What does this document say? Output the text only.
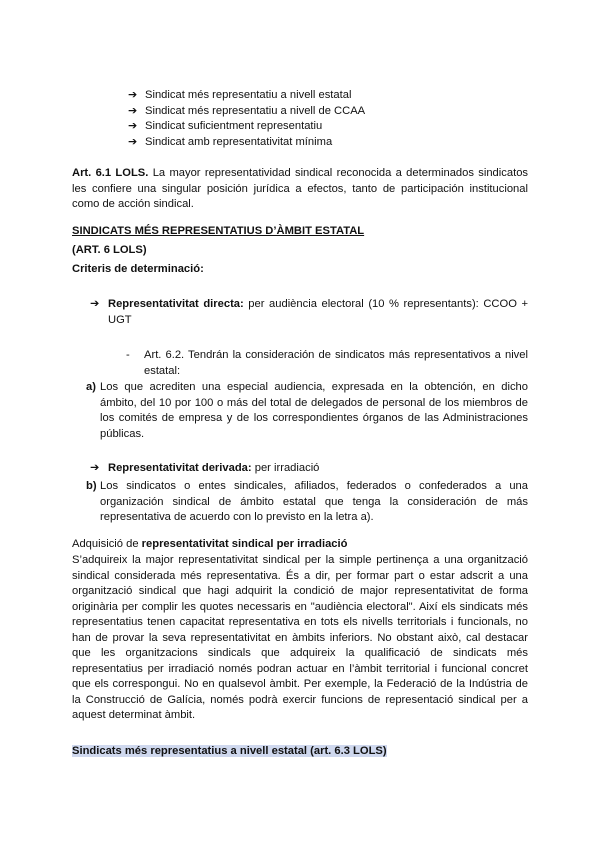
➔ Sindicat més representatiu a nivell estatal
➔ Sindicat més representatiu a nivell de CCAA
➔ Sindicat suficientment representatiu
➔ Sindicat amb representativitat mínima
Art. 6.1 LOLS. La mayor representatividad sindical reconocida a determinados sindicatos les confiere una singular posición jurídica a efectos, tanto de participación institucional como de acción sindical.
SINDICATS MÉS REPRESENTATIUS D’ÀMBIT ESTATAL
(ART. 6 LOLS)
Criteris de determinació:
➔ Representativitat directa: per audiència electoral (10 % representants): CCOO + UGT
-	Art. 6.2. Tendrán la consideración de sindicatos más representativos a nivel estatal:
a) Los que acrediten una especial audiencia, expresada en la obtención, en dicho ámbito, del 10 por 100 o más del total de delegados de personal de los miembros de los comités de empresa y de los correspondientes órganos de las Administraciones públicas.
➔ Representativitat derivada: per irradiació
b) Los sindicatos o entes sindicales, afiliados, federados o confederados a una organización sindical de ámbito estatal que tenga la consideración de más representativa de acuerdo con lo previsto en la letra a).
Adquisició de representativitat sindical per irradiació
S’adquireix la major representativitat sindical per la simple pertinença a una organització sindical considerada més representativa. És a dir, per formar part o estar adscrit a una organització sindical que hagi adquirit la condició de major representativitat de forma originària per complir les quotes necessaris en "audiència electoral". Així els sindicats més representatius tenen capacitat representativa en tots els nivells territorials i funcionals, no han de provar la seva representativitat en àmbits inferiors. No obstant això, cal destacar que les organitzacions sindicals que adquireix la qualificació de sindicats més representatius per irradiació només podran actuar en l’àmbit territorial i funcional concret que els correspongui. No en qualsevol àmbit. Per exemple, la Federació de la Indústria de la Construcció de Galícia, només podrà exercir funcions de representació sindical per a aquest determinat àmbit.
Sindicats més representatius a nivell estatal (art. 6.3 LOLS)
